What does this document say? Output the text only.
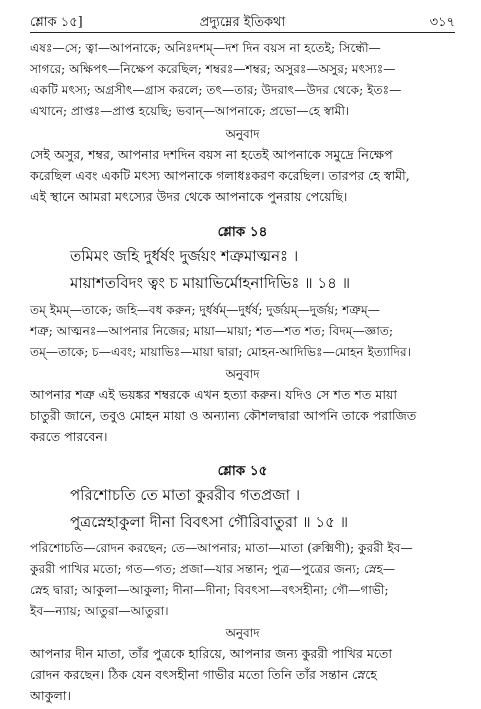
শ্লোক ১৫]	প্রদ্যুম্নের ইতিকথা	৩১৭
এষঃ—সে; ত্বা—আপনাকে; অনিঃদশম্—দশ দিন বয়স না হতেই; সিন্ধৌ—
সাগরে; অক্ষিপৎ—নিক্ষেপ করেছিল; শম্বরঃ—শম্বর; অসুরঃ—অসুর; মৎস্যঃ—
একটি মৎস্য; অগ্রসীৎ—গ্রাস করলে; তৎ—তার; উদরাৎ—উদর থেকে; ইতঃ—
এখানে; প্রাপ্তঃ—প্রাপ্ত হয়েছি; ভবান্—আপনাকে; প্রভো—হে স্বামী।
অনুবাদ
সেই অসুর, শম্বর, আপনার দশদিন বয়স না হতেই আপনাকে সমুদ্রে নিক্ষেপ
করেছিল এবং একটি মৎস্য আপনাকে গলাধঃকরণ করেছিল। তারপর হে স্বামী,
এই স্থানে আমরা মৎস্যের উদর থেকে আপনাকে পুনরায় পেয়েছি।
শ্লোক ১৪
তমিমং জহি দুর্ধর্ষং দুর্জয়ং শত্রুমাত্মনঃ ।
মায়াশতবিদং ত্বং চ মায়াভির্মোহনাদিভিঃ ॥ ১৪ ॥
তম্ ইমম্—তাকে; জহি—বধ করুন; দুর্ধর্ষম্—দুর্ধর্ষ; দুর্জয়ম্—দুর্জয়; শত্রুম্—
শত্রু; আত্মনঃ—আপনার নিজের; মায়া—মায়া; শত—শত শত; বিদম্—জ্ঞাত;
তম্—তাকে; চ—এবং; মায়াভিঃ—মায়া দ্বারা; মোহন-আদিভিঃ—মোহন ইত্যাদির।
অনুবাদ
আপনার শত্রু এই ভয়ঙ্কর শম্বরকে এখন হত্যা করুন। যদিও সে শত শত মায়া
চাতুরী জানে, তবুও মোহন মায়া ও অন্যান্য কৌশলদ্বারা আপনি তাকে পরাজিত
করতে পারবেন।
শ্লোক ১৫
পরিশোচতি তে মাতা কুররীব গতপ্রজা ।
পুত্রস্নেহাকুলা দীনা বিবৎসা গৌরিবাতুরা ॥ ১৫ ॥
পরিশোচতি—রোদন করছেন; তে—আপনার; মাতা—মাতা (রুক্মিণী); কুররী ইব—
কুররী পাখির মতো; গত—গত; প্রজা—যার সন্তান; পুত্র—পুত্রের জন্য; স্নেহ—
স্নেহ দ্বারা; আকুলা—আকুলা; দীনা—দীনা; বিবৎসা—বৎসহীনা; গৌ—গাভী;
ইব—ন্যায়; আতুরা—আতুরা।
অনুবাদ
আপনার দীন মাতা, তাঁর পুত্রকে হারিয়ে, আপনার জন্য কুররী পাখির মতো
রোদন করছেন। ঠিক যেন বৎসহীনা গাভীর মতো তিনি তাঁর সন্তান স্নেহে
আকুলা।
